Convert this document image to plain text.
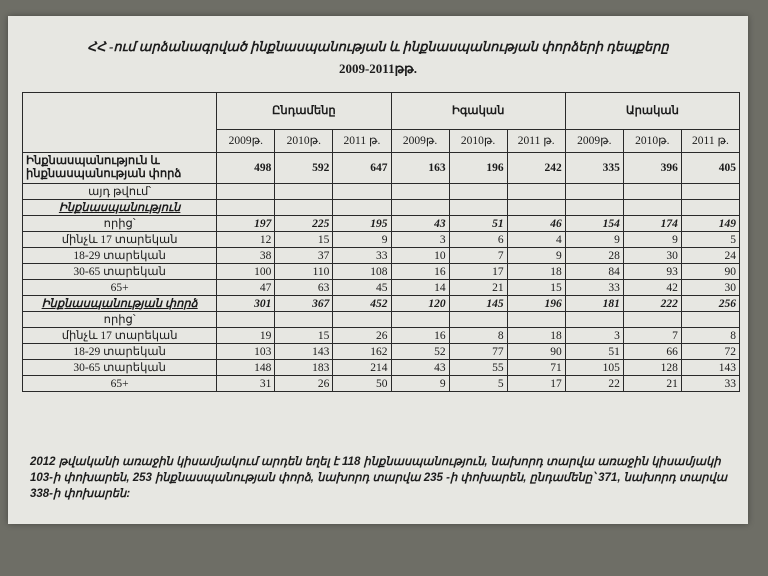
ՀՀ -ում արձանագրված ինքնասպանության և ինքնասպանության փորձերի դեպքերը
2009-2011թթ.
	Ընդամենը			Իգական			Արական		
	2009թ.	2010թ.	2011 թ.	2009թ.	2010թ.	2011 թ.	2009թ.	2010թ.	2011 թ.
Ինքնասպանություն և ինքնասպանության փորձ	498	592	647	163	196	242	335	396	405
այդ թվում՝									
Ինքնասպանություն									
որից՝	197	225	195	43	51	46	154	174	149
մինչև 17 տարեկան	12	15	9	3	6	4	9	9	5
18-29 տարեկան	38	37	33	10	7	9	28	30	24
30-65 տարեկան	100	110	108	16	17	18	84	93	90
65+	47	63	45	14	21	15	33	42	30
Ինքնասպանության փորձ	301	367	452	120	145	196	181	222	256
որից՝									
մինչև 17 տարեկան	19	15	26	16	8	18	3	7	8
18-29 տարեկան	103	143	162	52	77	90	51	66	72
30-65 տարեկան	148	183	214	43	55	71	105	128	143
65+	31	26	50	9	5	17	22	21	33
2012 թվականի առաջին կիսամյակում արդեն եղել է 118 ինքնասպանություն, նախորդ տարվա առաջին կիսամյակի 103-ի փոխարեն, 253 ինքնասպանության փորձ, նախորդ տարվա 235 -ի փոխարեն, ընդամենը՝ 371, նախորդ տարվա 338-ի փոխարեն:
